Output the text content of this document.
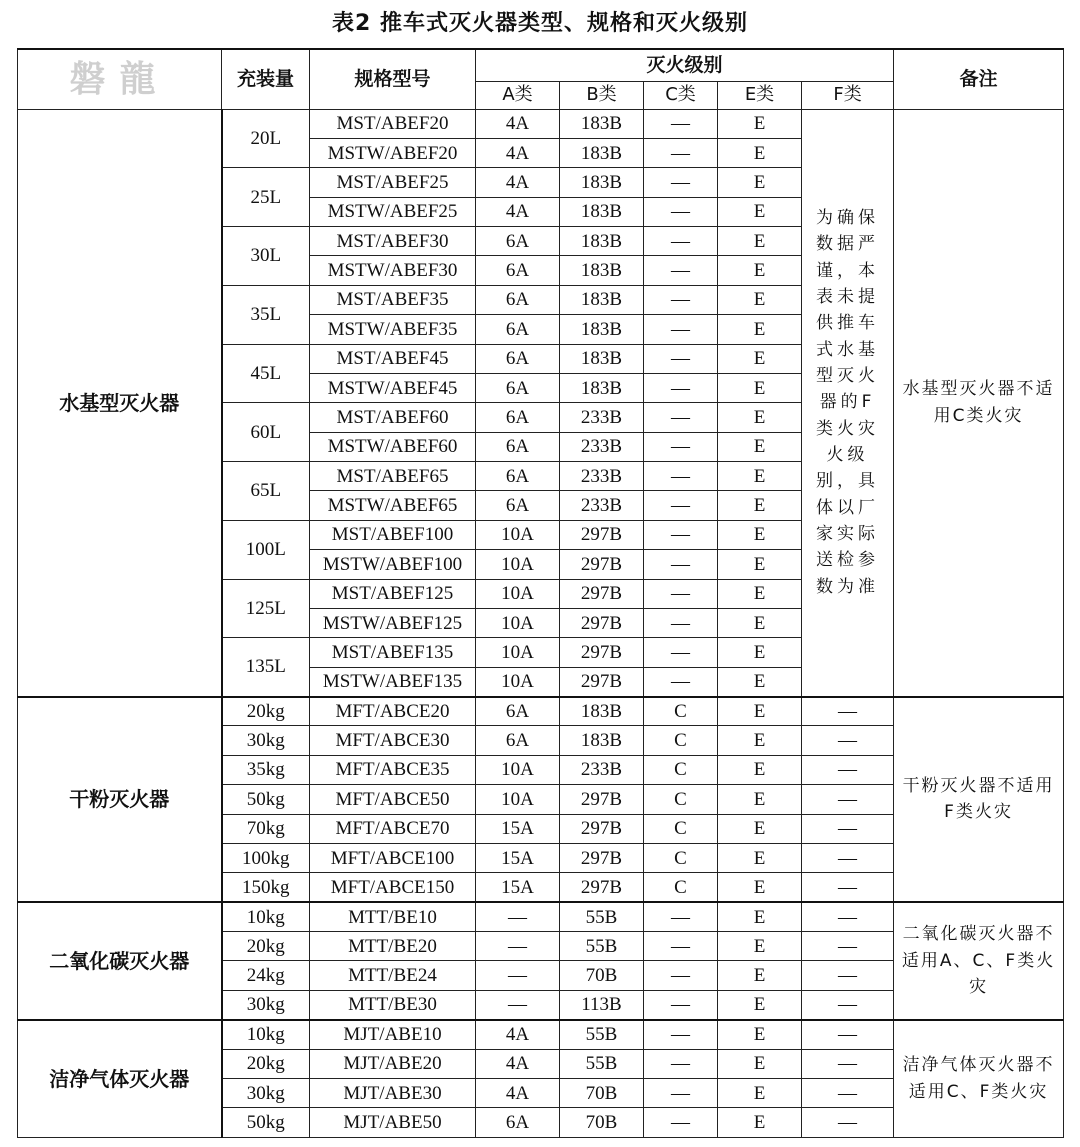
表2 推车式灭火器类型、规格和灭火级别
磐龍	充装量	规格型号	灭火级别					备注
			A类	B类	C类	E类	F类	
水基型灭火器	20L	MST/ABEF20	4A	183B	—	E	为确保数据严谨，本表未提供推车式水基型灭火器的F类火灾火级别，具体以厂家实际送检参数为准	水基型灭火器不适用C类火灾
		MSTW/ABEF20	4A	183B	—	E		
	25L	MST/ABEF25	4A	183B	—	E		
		MSTW/ABEF25	4A	183B	—	E		
	30L	MST/ABEF30	6A	183B	—	E		
		MSTW/ABEF30	6A	183B	—	E		
	35L	MST/ABEF35	6A	183B	—	E		
		MSTW/ABEF35	6A	183B	—	E		
	45L	MST/ABEF45	6A	183B	—	E		
		MSTW/ABEF45	6A	183B	—	E		
	60L	MST/ABEF60	6A	233B	—	E		
		MSTW/ABEF60	6A	233B	—	E		
	65L	MST/ABEF65	6A	233B	—	E		
		MSTW/ABEF65	6A	233B	—	E		
	100L	MST/ABEF100	10A	297B	—	E		
		MSTW/ABEF100	10A	297B	—	E		
	125L	MST/ABEF125	10A	297B	—	E		
		MSTW/ABEF125	10A	297B	—	E		
	135L	MST/ABEF135	10A	297B	—	E		
		MSTW/ABEF135	10A	297B	—	E		
干粉灭火器	20kg	MFT/ABCE20	6A	183B	C	E	—	干粉灭火器不适用F类火灾
	30kg	MFT/ABCE30	6A	183B	C	E	—	
	35kg	MFT/ABCE35	10A	233B	C	E	—	
	50kg	MFT/ABCE50	10A	297B	C	E	—	
	70kg	MFT/ABCE70	15A	297B	C	E	—	
	100kg	MFT/ABCE100	15A	297B	C	E	—	
	150kg	MFT/ABCE150	15A	297B	C	E	—	
二氧化碳灭火器	10kg	MTT/BE10	—	55B	—	E	—	二氧化碳灭火器不适用A、C、F类火灾
	20kg	MTT/BE20	—	55B	—	E	—	
	24kg	MTT/BE24	—	70B	—	E	—	
	30kg	MTT/BE30	—	113B	—	E	—	
洁净气体灭火器	10kg	MJT/ABE10	4A	55B	—	E	—	洁净气体灭火器不适用C、F类火灾
	20kg	MJT/ABE20	4A	55B	—	E	—	
	30kg	MJT/ABE30	4A	70B	—	E	—	
	50kg	MJT/ABE50	6A	70B	—	E	—	
